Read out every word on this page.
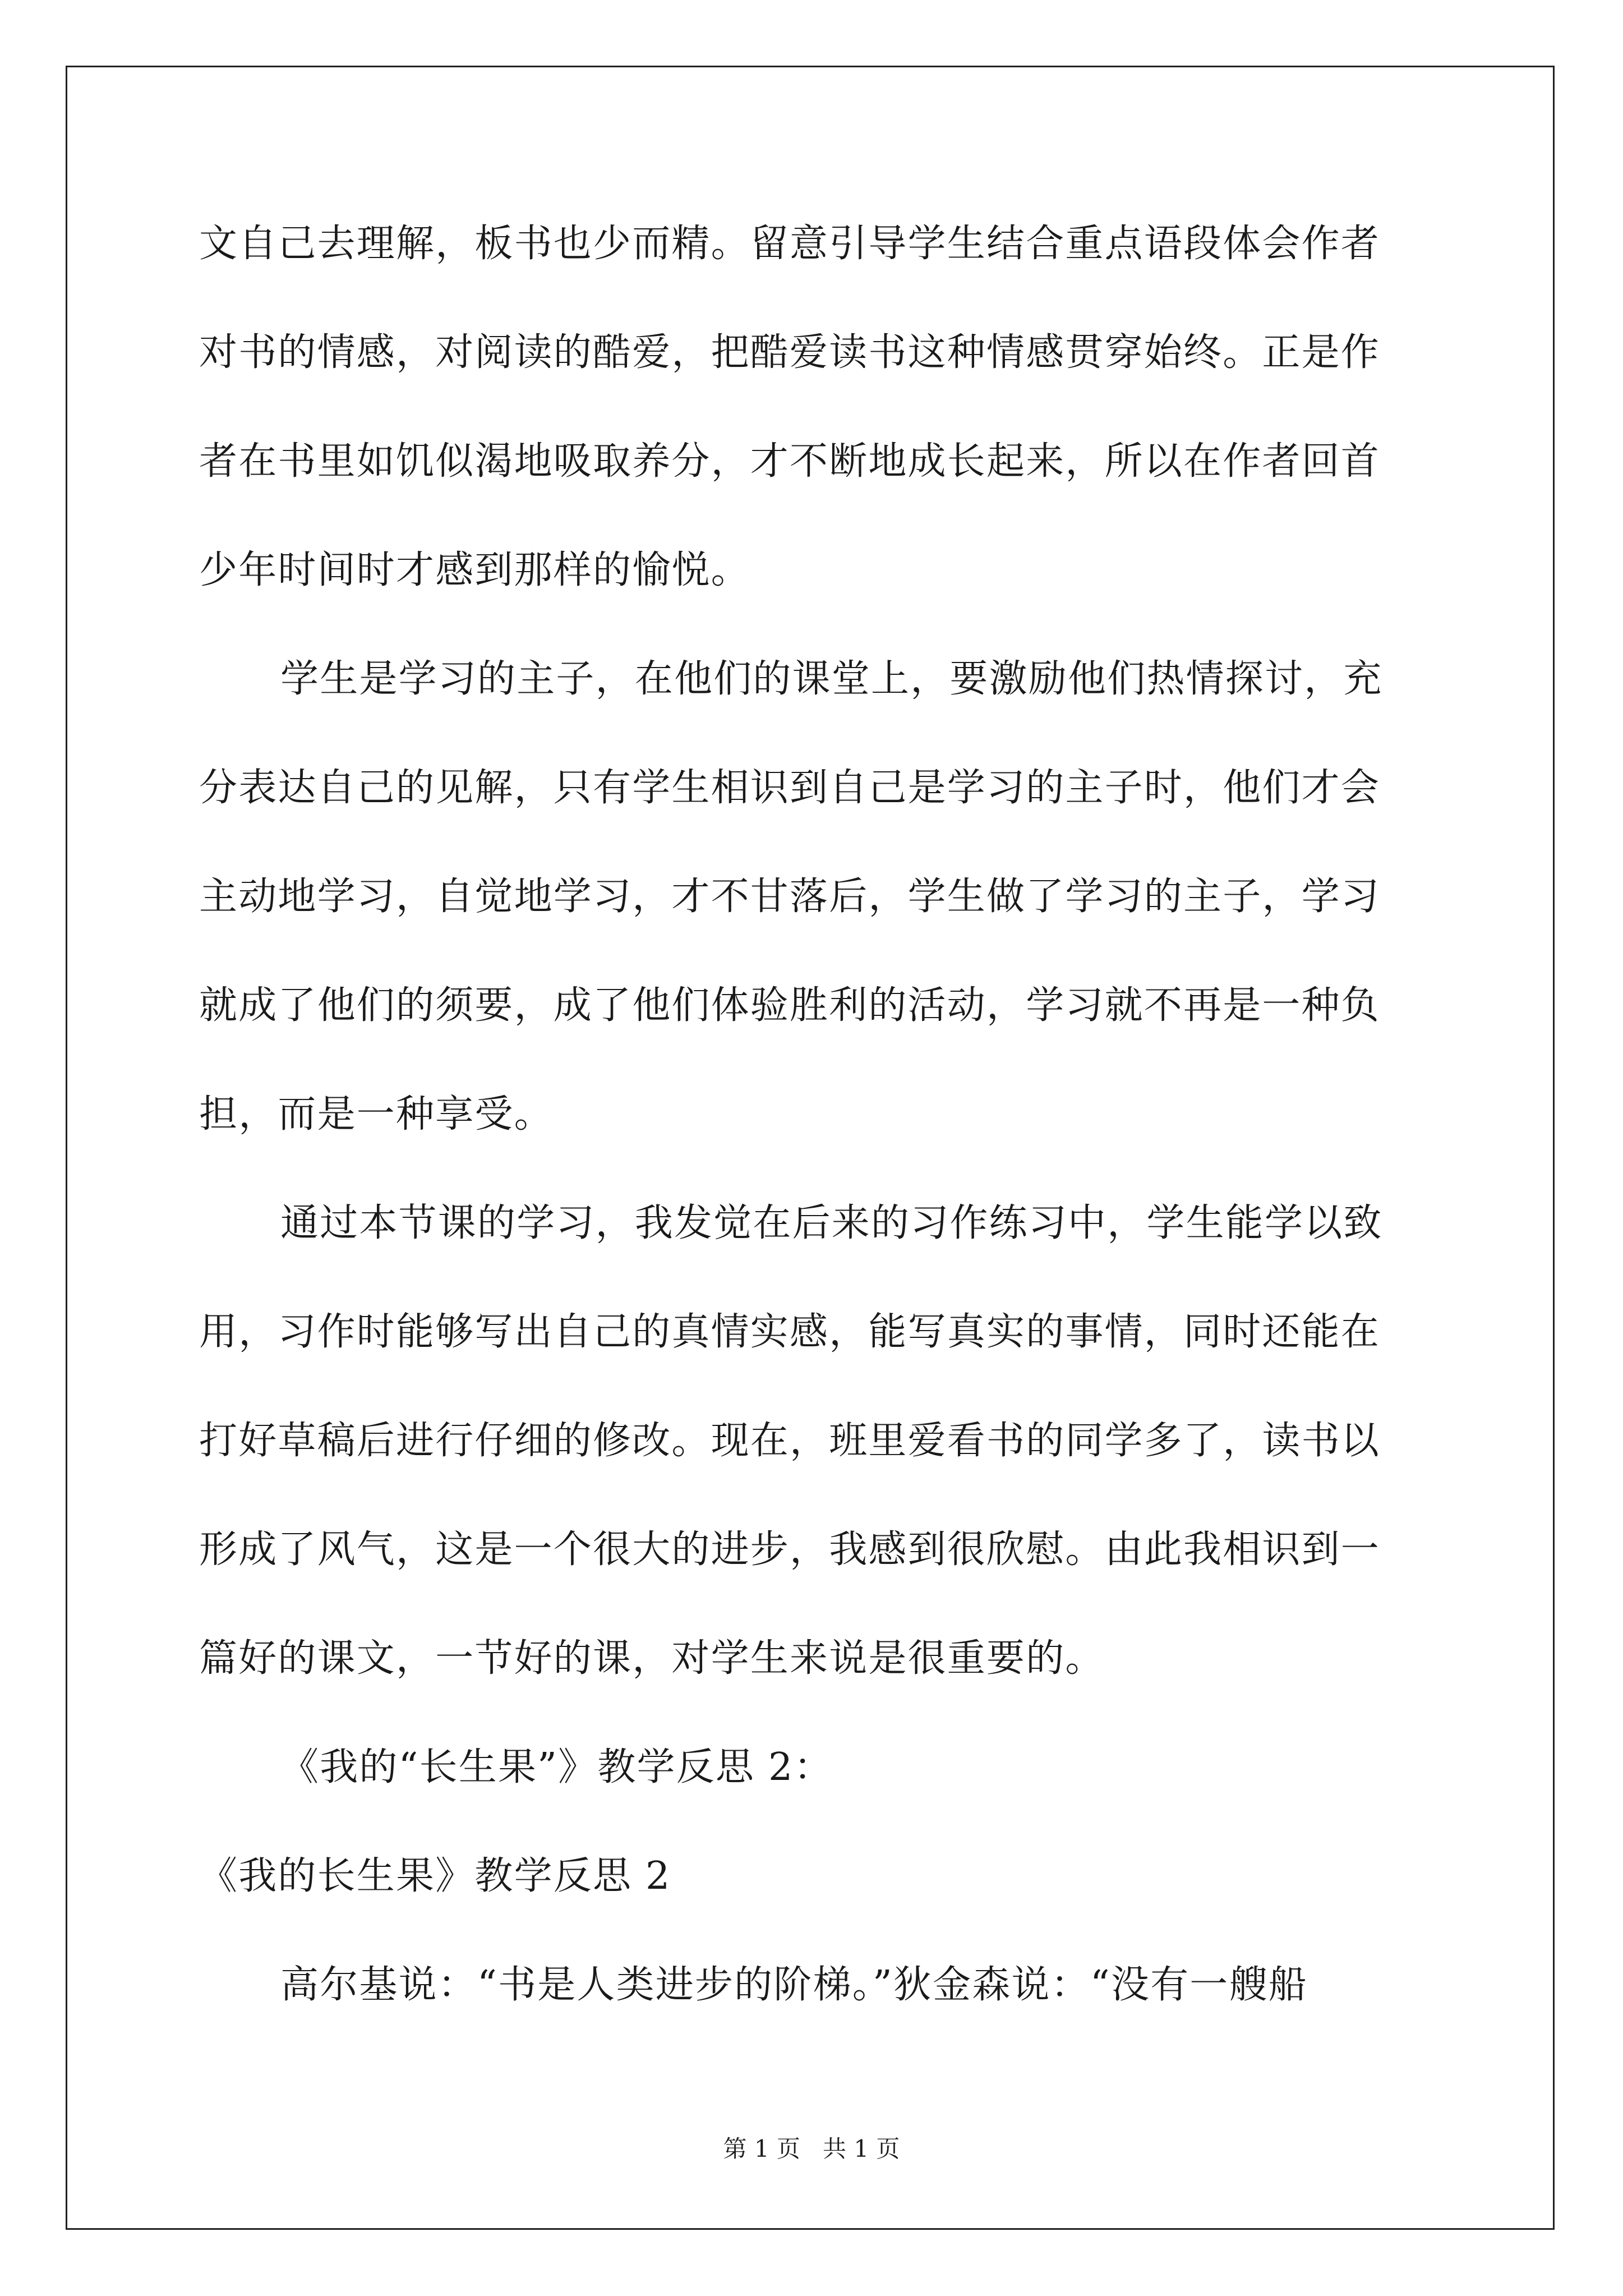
文自己去理解，板书也少而精。留意引导学生结合重点语段体会作者
对书的情感，对阅读的酷爱，把酷爱读书这种情感贯穿始终。正是作
者在书里如饥似渴地吸取养分，才不断地成长起来，所以在作者回首
少年时间时才感到那样的愉悦。
学生是学习的主子，在他们的课堂上，要激励他们热情探讨，充
分表达自己的见解，只有学生相识到自己是学习的主子时，他们才会
主动地学习，自觉地学习，才不甘落后，学生做了学习的主子，学习
就成了他们的须要，成了他们体验胜利的活动，学习就不再是一种负
担，而是一种享受。
通过本节课的学习，我发觉在后来的习作练习中，学生能学以致
用，习作时能够写出自己的真情实感，能写真实的事情，同时还能在
打好草稿后进行仔细的修改。现在，班里爱看书的同学多了，读书以
形成了风气，这是一个很大的进步，我感到很欣慰。由此我相识到一
篇好的课文，一节好的课，对学生来说是很重要的。
《我的“长生果”》教学反思 2：
《我的长生果》教学反思 2
高尔基说：“书是人类进步的阶梯。”狄金森说：“没有一艘船
第 1 页 共 1 页
